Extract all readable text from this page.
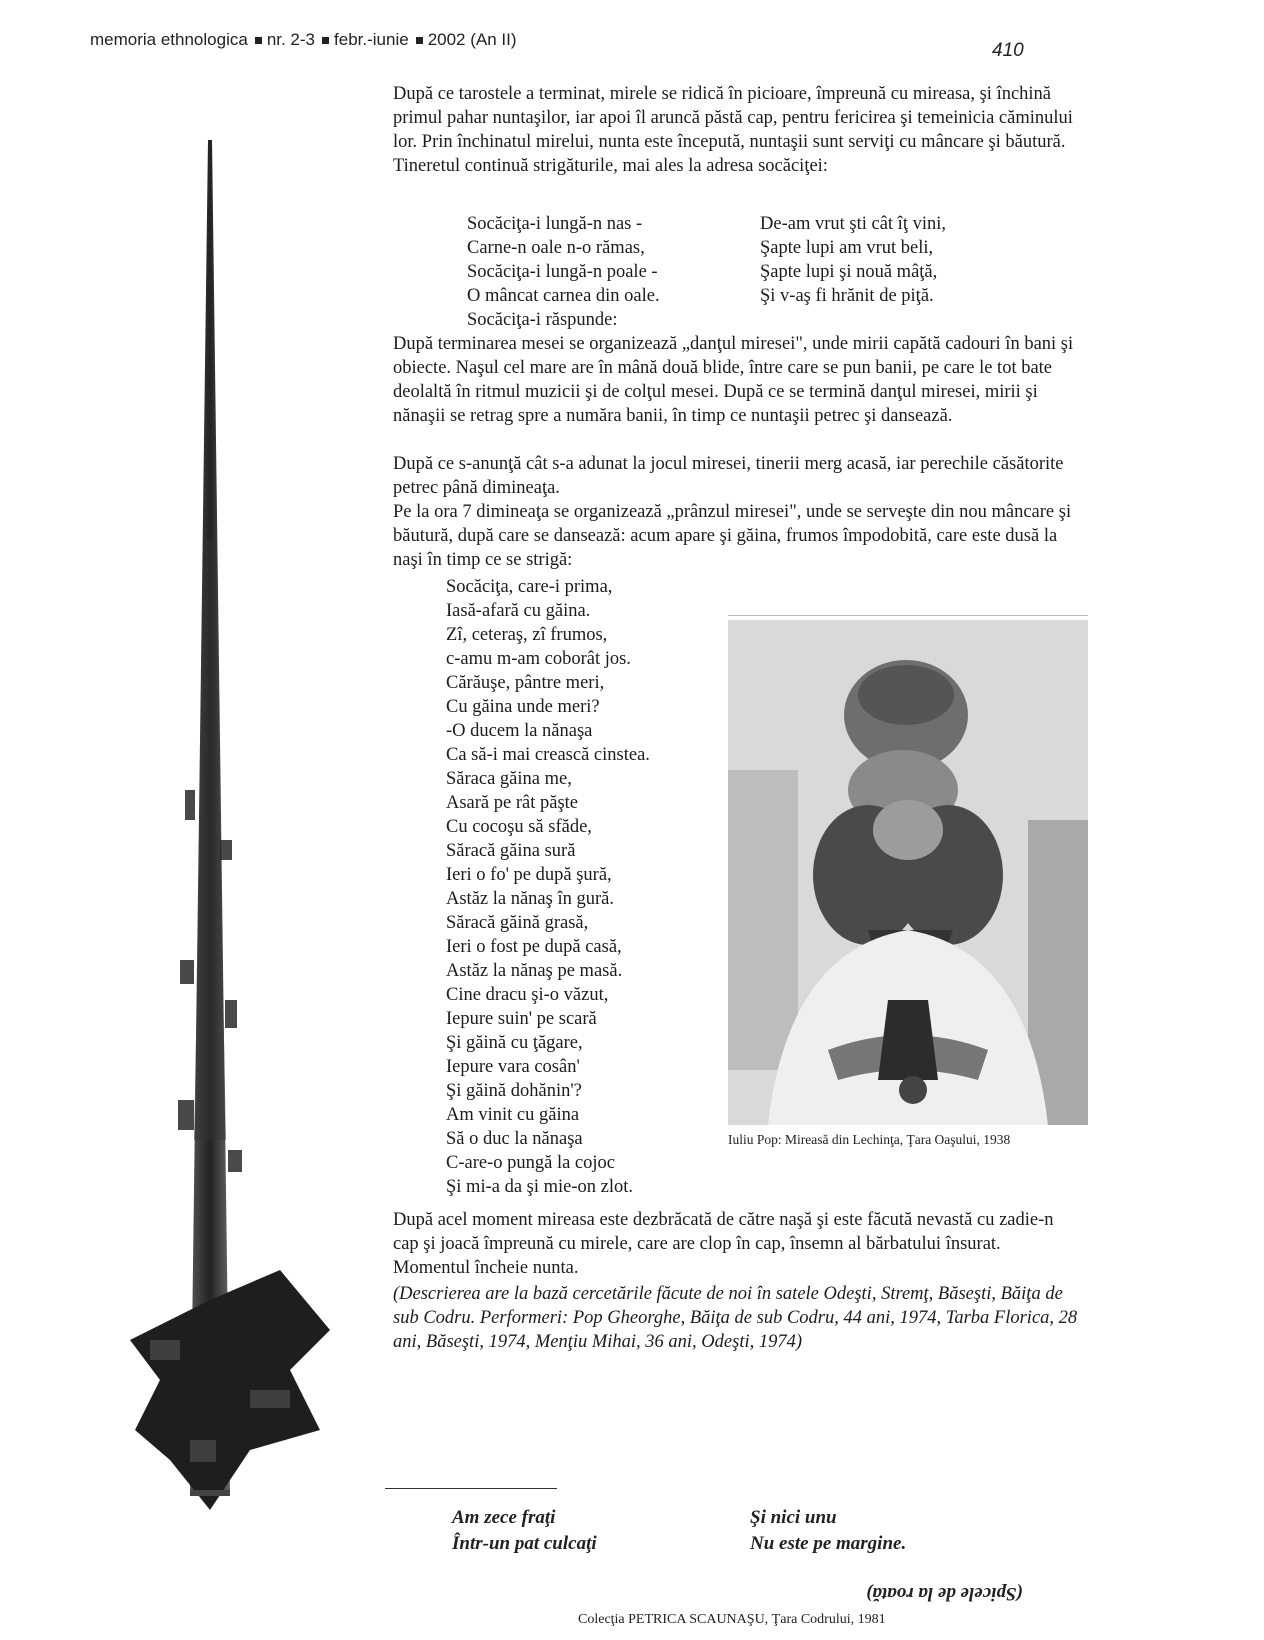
memoria ethnologica nr. 2-3 febr.-iunie 2002 (An II)
410

După ce tarostele a terminat, mirele se ridică în picioare, împreună cu mireasa, şi închină primul pahar nuntaşilor, iar apoi îl aruncă păstă cap, pentru fericirea şi temeinicia căminului lor. Prin închinatul mirelui, nunta este începută, nuntaşii sunt serviţi cu mâncare şi băutură. Tineretul continuă strigăturile, mai ales la adresa socăciţei:

Socăciţa-i lungă-n nas -
Carne-n oale n-o rămas,
Socăciţa-i lungă-n poale -
O mâncat carnea din oale.
Socăciţa-i răspunde:
De-am vrut şti cât îţ vini,
Şapte lupi am vrut beli,
Şapte lupi şi nouă mâţă,
Şi v-aş fi hrănit de piţă.

După terminarea mesei se organizează „danţul miresei", unde mirii capătă cadouri în bani şi obiecte. Naşul cel mare are în mână două blide, între care se pun banii, pe care le tot bate deolaltă în ritmul muzicii şi de colţul mesei. După ce se termină danţul miresei, mirii şi nănaşii se retrag spre a număra banii, în timp ce nuntaşii petrec şi dansează.

După ce s-anunţă cât s-a adunat la jocul miresei, tinerii merg acasă, iar perechile căsătorite petrec până dimineaţa.

Pe la ora 7 dimineaţa se organizează „prânzul miresei", unde se serveşte din nou mâncare şi băutură, după care se dansează: acum apare şi găina, frumos împodobită, care este dusă la naşi în timp ce se strigă:

Socăciţa, care-i prima,
Iasă-afară cu găina.
Zî, ceteraş, zî frumos,
c-amu m-am coborât jos.
Cărăuşe, pântre meri,
Cu găina unde meri?
-O ducem la nănaşa
Ca să-i mai crească cinstea.
Săraca găina me,
Asară pe rât păşte
Cu cocoşu să sfăde,
Săracă găina sură
Ieri o fo' pe după şură,
Astăz la nănaş în gură.
Săracă găină grasă,
Ieri o fost pe după casă,
Astăz la nănaş pe masă.
Cine dracu şi-o văzut,
Iepure suin' pe scară
Şi găină cu ţăgare,
Iepure vara cosân'
Şi găină dohănin'?
Am vinit cu găina
Să o duc la nănaşa
C-are-o pungă la cojoc
Şi mi-a da şi mie-on zlot.
Iuliu Pop: Mireasă din Lechinţa, Ţara Oaşului, 1938

După acel moment mireasa este dezbrăcată de către naşă şi este făcută nevastă cu zadie-n cap şi joacă împreună cu mirele, care are clop în cap, însemn al bărbatului însurat. Momentul încheie nunta.

(Descrierea are la bază cercetările făcute de noi în satele Odeşti, Stremţ, Băseşti, Băiţa de sub Codru. Performeri: Pop Gheorghe, Băiţa de sub Codru, 44 ani, 1974, Tarba Florica, 28 ani, Băseşti, 1974, Menţiu Mihai, 36 ani, Odeşti, 1974)

Am zece fraţi
Într-un pat culcaţi
Şi nici unu
Nu este pe margine.
(Spicele de la roată)
Colecţia PETRICA SCAUNAŞU, Ţara Codrului, 1981
